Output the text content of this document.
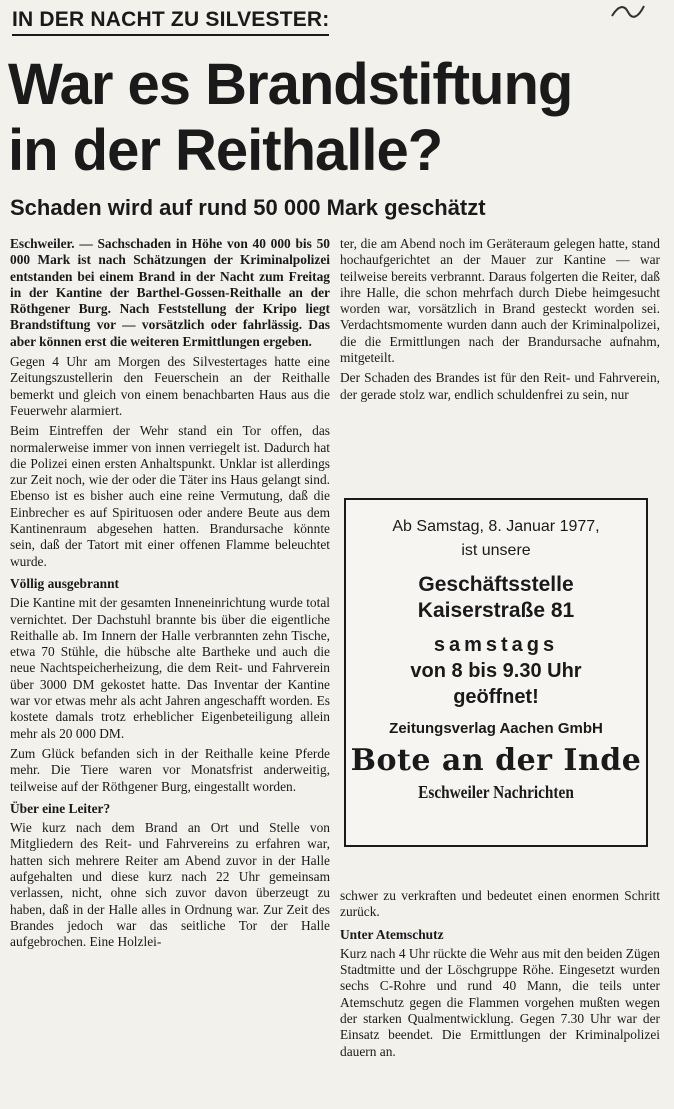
IN DER NACHT ZU SILVESTER:
War es Brandstiftung
in der Reithalle?
Schaden wird auf rund 50 000 Mark geschätzt

Eschweiler. — Sachschaden in Höhe von 40 000 bis 50 000 Mark ist nach Schätzungen der Kriminalpolizei entstanden bei einem Brand in der Nacht zum Freitag in der Kantine der Barthel-Gossen-Reithalle an der Röthgener Burg. Nach Feststellung der Kripo liegt Brandstiftung vor — vorsätzlich oder fahrlässig. Das aber können erst die weiteren Ermittlungen ergeben.

Gegen 4 Uhr am Morgen des Silvestertages hatte eine Zeitungszustellerin den Feuerschein an der Reithalle bemerkt und gleich von einem benachbarten Haus aus die Feuerwehr alarmiert.

Beim Eintreffen der Wehr stand ein Tor offen, das normalerweise immer von innen verriegelt ist. Dadurch hat die Polizei einen ersten Anhaltspunkt. Unklar ist allerdings zur Zeit noch, wie der oder die Täter ins Haus gelangt sind. Ebenso ist es bisher auch eine reine Vermutung, daß die Einbrecher es auf Spirituosen oder andere Beute aus dem Kantinenraum abgesehen hatten. Brandursache könnte sein, daß der Tatort mit einer offenen Flamme beleuchtet wurde.

Völlig ausgebrannt

Die Kantine mit der gesamten Inneneinrichtung wurde total vernichtet. Der Dachstuhl brannte bis über die eigentliche Reithalle ab. Im Innern der Halle verbrannten zehn Tische, etwa 70 Stühle, die hübsche alte Bartheke und auch die neue Nachtspeicherheizung, die dem Reit- und Fahrverein über 3000 DM gekostet hatte. Das Inventar der Kantine war vor etwas mehr als acht Jahren angeschafft worden. Es kostete damals trotz erheblicher Eigenbeteiligung allein mehr als 20 000 DM.

Zum Glück befanden sich in der Reithalle keine Pferde mehr. Die Tiere waren vor Monatsfrist anderweitig, teilweise auf der Röthgener Burg, eingestallt worden.

Über eine Leiter?

Wie kurz nach dem Brand an Ort und Stelle von Mitgliedern des Reit- und Fahrvereins zu erfahren war, hatten sich mehrere Reiter am Abend zuvor in der Halle aufgehalten und diese kurz nach 22 Uhr gemeinsam verlassen, nicht, ohne sich zuvor davon überzeugt zu haben, daß in der Halle alles in Ordnung war. Zur Zeit des Brandes jedoch war das seitliche Tor der Halle aufgebrochen. Eine Holzlei-

ter, die am Abend noch im Geräteraum gelegen hatte, stand hochaufgerichtet an der Mauer zur Kantine — war teilweise bereits verbrannt. Daraus folgerten die Reiter, daß ihre Halle, die schon mehrfach durch Diebe heimgesucht worden war, vorsätzlich in Brand gesteckt worden sei. Verdachtsmomente wurden dann auch der Kriminalpolizei, die die Ermittlungen nach der Brandursache aufnahm, mitgeteilt.

Der Schaden des Brandes ist für den Reit- und Fahrverein, der gerade stolz war, endlich schuldenfrei zu sein, nur

Ab Samstag, 8. Januar 1977,
ist unsere
Geschäftsstelle
Kaiserstraße 81
samstags
von 8 bis 9.30 Uhr
geöffnet!
Zeitungsverlag Aachen GmbH
Bote an der Inde
Eschweiler Nachrichten

schwer zu verkraften und bedeutet einen enormen Schritt zurück.

Unter Atemschutz

Kurz nach 4 Uhr rückte die Wehr aus mit den beiden Zügen Stadtmitte und der Löschgruppe Röhe. Eingesetzt wurden sechs C-Rohre und rund 40 Mann, die teils unter Atemschutz gegen die Flammen vorgehen mußten wegen der starken Qualmentwicklung. Gegen 7.30 Uhr war der Einsatz beendet. Die Ermittlungen der Kriminalpolizei dauern an.
